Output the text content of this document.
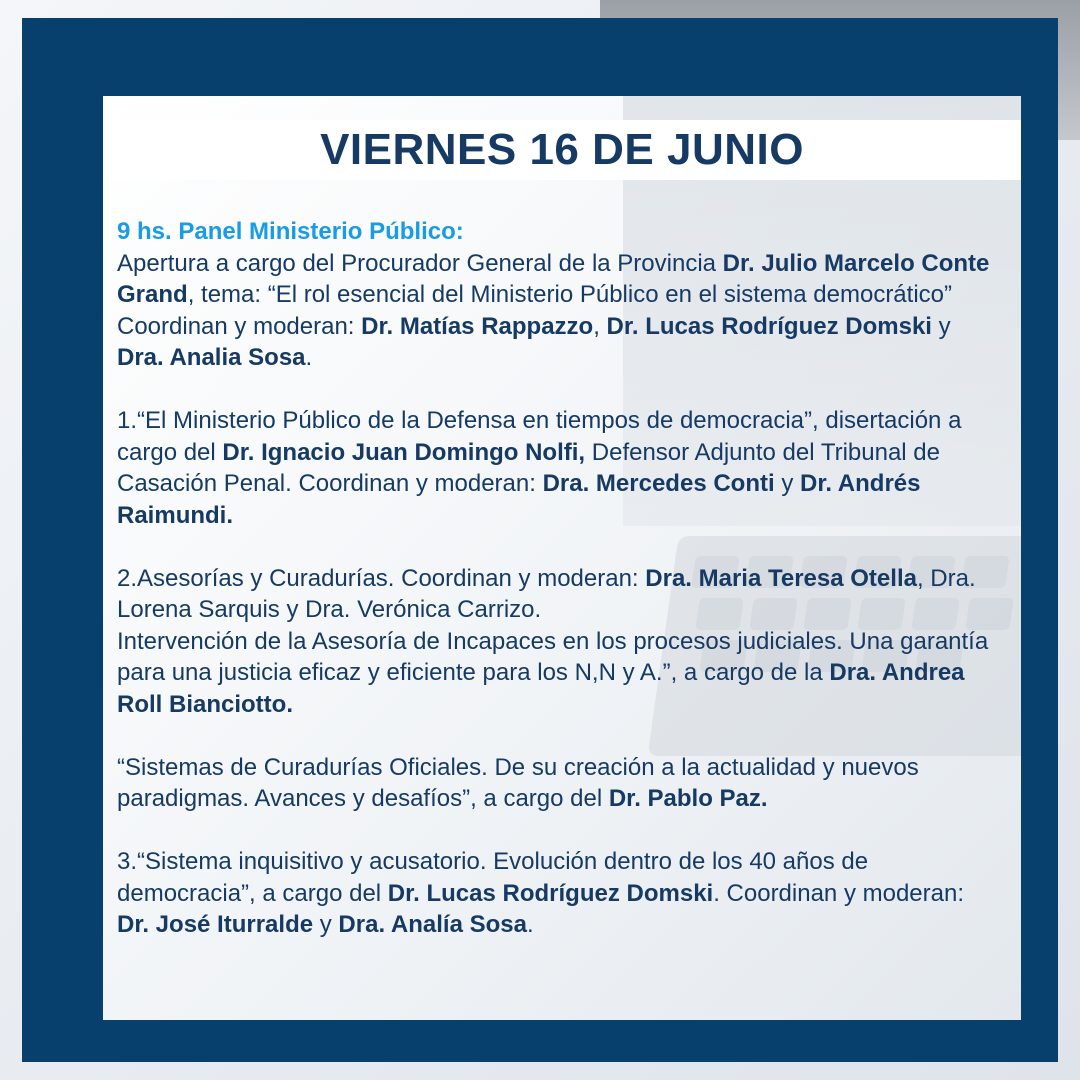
VIERNES 16 DE JUNIO

9 hs. Panel Ministerio Público:
Apertura a cargo del Procurador General de la Provincia Dr. Julio Marcelo Conte Grand, tema: “El rol esencial del Ministerio Público en el sistema democrático”
Coordinan y moderan: Dr. Matías Rappazzo, Dr. Lucas Rodríguez Domski y Dra. Analia Sosa.

1.“El Ministerio Público de la Defensa en tiempos de democracia”, disertación a cargo del Dr. Ignacio Juan Domingo Nolfi, Defensor Adjunto del Tribunal de Casación Penal. Coordinan y moderan: Dra. Mercedes Conti y Dr. Andrés Raimundi.

2.Asesorías y Curadurías. Coordinan y moderan: Dra. Maria Teresa Otella, Dra. Lorena Sarquis y Dra. Verónica Carrizo.
Intervención de la Asesoría de Incapaces en los procesos judiciales. Una garantía para una justicia eficaz y eficiente para los N,N y A.”, a cargo de la Dra. Andrea Roll Bianciotto.

“Sistemas de Curadurías Oficiales. De su creación a la actualidad y nuevos paradigmas. Avances y desafíos”, a cargo del Dr. Pablo Paz.

3.“Sistema inquisitivo y acusatorio. Evolución dentro de los 40 años de democracia”, a cargo del Dr. Lucas Rodríguez Domski. Coordinan y moderan: Dr. José Iturralde y Dra. Analía Sosa.
